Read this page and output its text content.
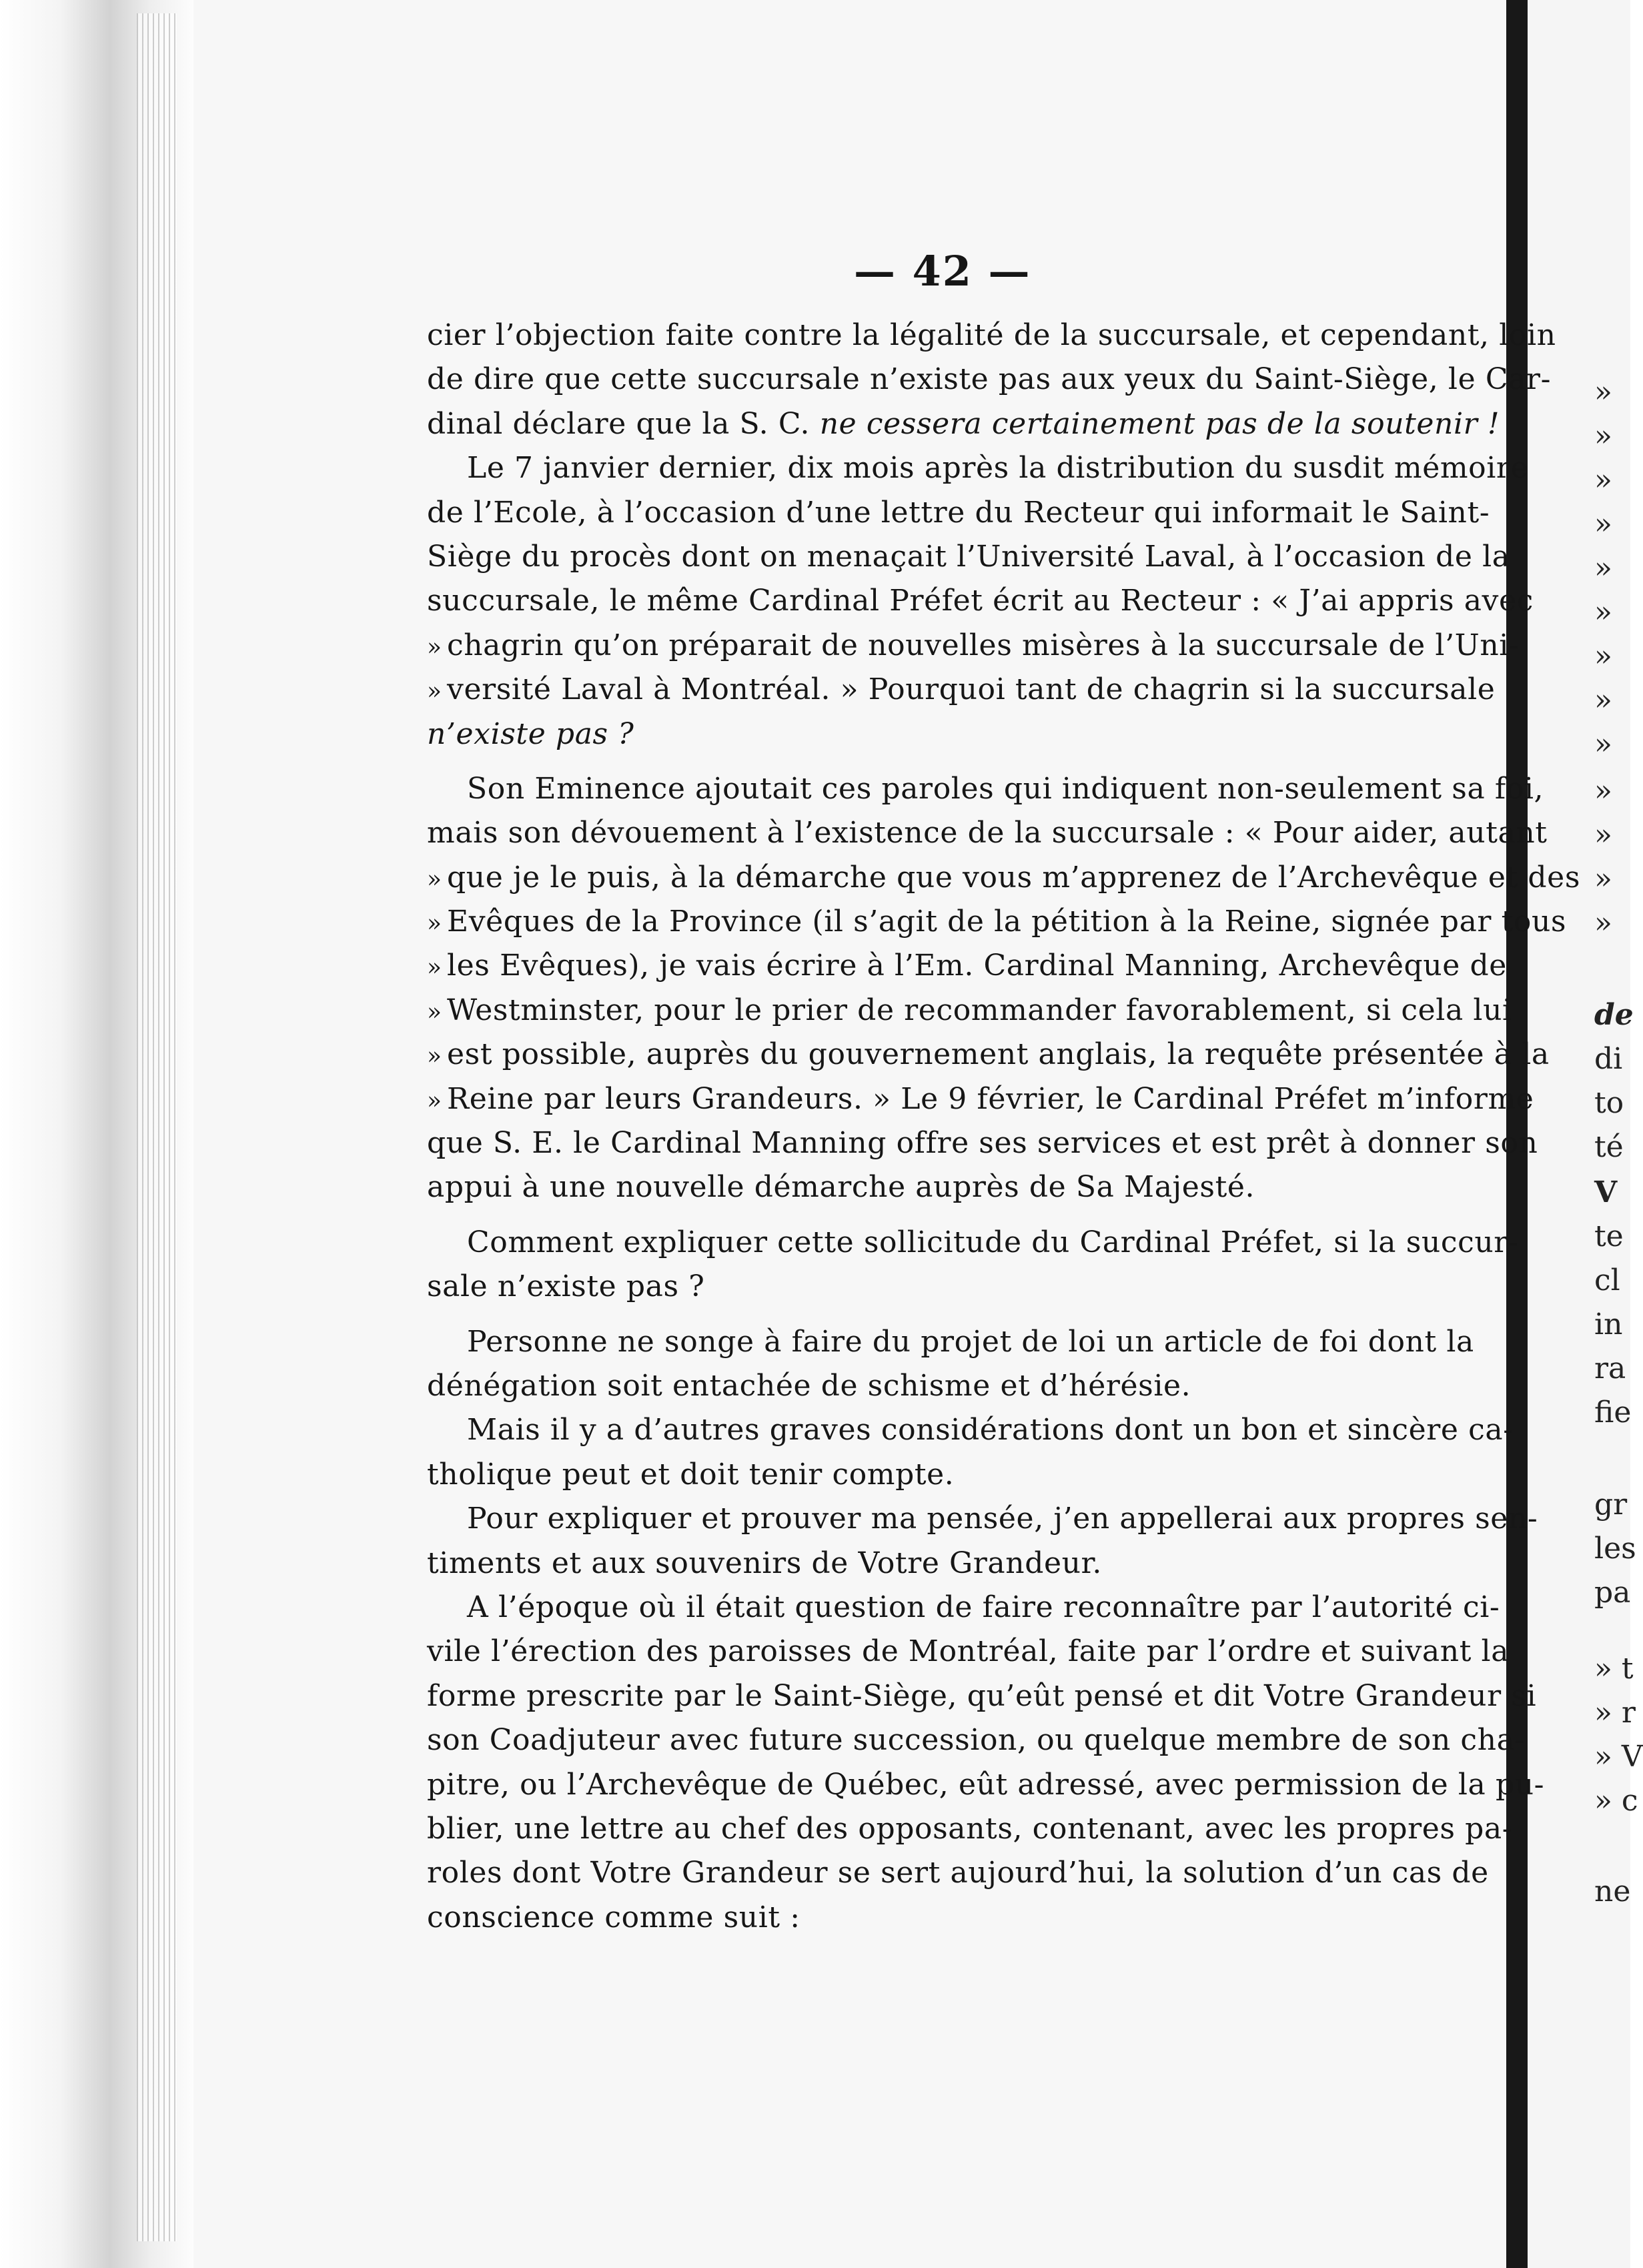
»
»
»
»
»
»
»
»
»
»
»
»
»
de
di
to
té
V
te
cl
in
ra
fie
gr
les
pa
» t
» r
» V
» c
ne
— 42 —
cier l’objection faite contre la légalité de la succursale, et cependant, loin
de dire que cette succursale n’existe pas aux yeux du Saint-Siège, le Car-
dinal déclare que la S. C.
ne cessera certainement pas de la soutenir !
Le 7 janvier dernier, dix mois après la distribution du susdit mémoire
de l’Ecole, à l’occasion d’une lettre du Recteur qui informait le Saint-
Siège du procès dont on menaçait l’Université Laval, à l’occasion de la
succursale, le même Cardinal Préfet écrit au Recteur : « J’ai appris avec
» chagrin qu’on préparait de nouvelles misères à la succursale de l’Uni-
» versité Laval à Montréal. » Pourquoi tant de chagrin si la succursale
n’existe pas ?
Son Eminence ajoutait ces paroles qui indiquent non-seulement sa foi,
mais son dévouement à l’existence de la succursale : « Pour aider, autant
» que je le puis, à la démarche que vous m’apprenez de l’Archevêque et des
» Evêques de la Province (il s’agit de la pétition à la Reine, signée par tous
» les Evêques), je vais écrire à l’Em. Cardinal Manning, Archevêque de
» Westminster, pour le prier de recommander favorablement, si cela lui
» est possible, auprès du gouvernement anglais, la requête présentée à la
» Reine par leurs Grandeurs. » Le 9 février, le Cardinal Préfet m’informe
que S. E. le Cardinal Manning offre ses services et est prêt à donner son
appui à une nouvelle démarche auprès de Sa Majesté.
Comment expliquer cette sollicitude du Cardinal Préfet, si la succur-
sale n’existe pas ?
Personne ne songe à faire du projet de loi un article de foi dont la
dénégation soit entachée de schisme et d’hérésie.
Mais il y a d’autres graves considérations dont un bon et sincère ca-
tholique peut et doit tenir compte.
Pour expliquer et prouver ma pensée, j’en appellerai aux propres sen-
timents et aux souvenirs de Votre Grandeur.
A l’époque où il était question de faire reconnaître par l’autorité ci-
vile l’érection des paroisses de Montréal, faite par l’ordre et suivant la
forme prescrite par le Saint-Siège, qu’eût pensé et dit Votre Grandeur si
son Coadjuteur avec future succession, ou quelque membre de son cha-
pitre, ou l’Archevêque de Québec, eût adressé, avec permission de la pu-
blier, une lettre au chef des opposants, contenant, avec les propres pa-
roles dont Votre Grandeur se sert aujourd’hui, la solution d’un cas de
conscience comme suit :
